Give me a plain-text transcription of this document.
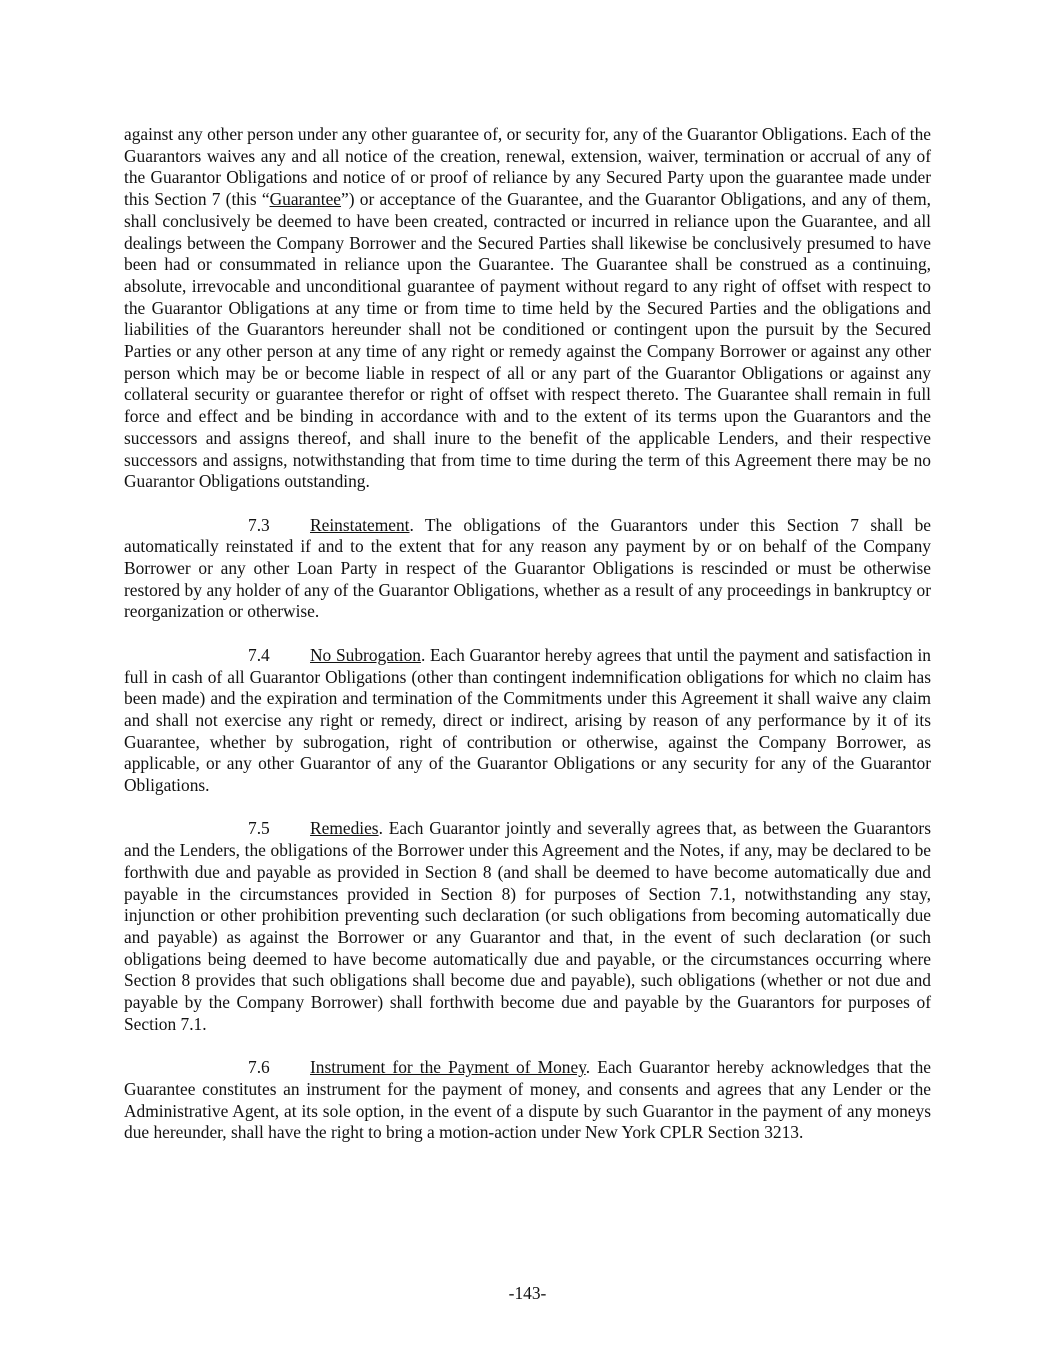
against any other person under any other guarantee of, or security for, any of the Guarantor Obligations. Each of the Guarantors waives any and all notice of the creation, renewal, extension, waiver, termination or accrual of any of the Guarantor Obligations and notice of or proof of reliance by any Secured Party upon the guarantee made under this Section 7 (this “Guarantee”) or acceptance of the Guarantee, and the Guarantor Obligations, and any of them, shall conclusively be deemed to have been created, contracted or incurred in reliance upon the Guarantee, and all dealings between the Company Borrower and the Secured Parties shall likewise be conclusively presumed to have been had or consummated in reliance upon the Guarantee. The Guarantee shall be construed as a continuing, absolute, irrevocable and unconditional guarantee of payment without regard to any right of offset with respect to the Guarantor Obligations at any time or from time to time held by the Secured Parties and the obligations and liabilities of the Guarantors hereunder shall not be conditioned or contingent upon the pursuit by the Secured Parties or any other person at any time of any right or remedy against the Company Borrower or against any other person which may be or become liable in respect of all or any part of the Guarantor Obligations or against any collateral security or guarantee therefor or right of offset with respect thereto. The Guarantee shall remain in full force and effect and be binding in accordance with and to the extent of its terms upon the Guarantors and the successors and assigns thereof, and shall inure to the benefit of the applicable Lenders, and their respective successors and assigns, notwithstanding that from time to time during the term of this Agreement there may be no Guarantor Obligations outstanding.

7.3 Reinstatement. The obligations of the Guarantors under this Section 7 shall be automatically reinstated if and to the extent that for any reason any payment by or on behalf of the Company Borrower or any other Loan Party in respect of the Guarantor Obligations is rescinded or must be otherwise restored by any holder of any of the Guarantor Obligations, whether as a result of any proceedings in bankruptcy or reorganization or otherwise.

7.4 No Subrogation. Each Guarantor hereby agrees that until the payment and satisfaction in full in cash of all Guarantor Obligations (other than contingent indemnification obligations for which no claim has been made) and the expiration and termination of the Commitments under this Agreement it shall waive any claim and shall not exercise any right or remedy, direct or indirect, arising by reason of any performance by it of its Guarantee, whether by subrogation, right of contribution or otherwise, against the Company Borrower, as applicable, or any other Guarantor of any of the Guarantor Obligations or any security for any of the Guarantor Obligations.

7.5 Remedies. Each Guarantor jointly and severally agrees that, as between the Guarantors and the Lenders, the obligations of the Borrower under this Agreement and the Notes, if any, may be declared to be forthwith due and payable as provided in Section 8 (and shall be deemed to have become automatically due and payable in the circumstances provided in Section 8) for purposes of Section 7.1, notwithstanding any stay, injunction or other prohibition preventing such declaration (or such obligations from becoming automatically due and payable) as against the Borrower or any Guarantor and that, in the event of such declaration (or such obligations being deemed to have become automatically due and payable, or the circumstances occurring where Section 8 provides that such obligations shall become due and payable), such obligations (whether or not due and payable by the Company Borrower) shall forthwith become due and payable by the Guarantors for purposes of Section 7.1.

7.6 Instrument for the Payment of Money. Each Guarantor hereby acknowledges that the Guarantee constitutes an instrument for the payment of money, and consents and agrees that any Lender or the Administrative Agent, at its sole option, in the event of a dispute by such Guarantor in the payment of any moneys due hereunder, shall have the right to bring a motion-action under New York CPLR Section 3213.

-143-
